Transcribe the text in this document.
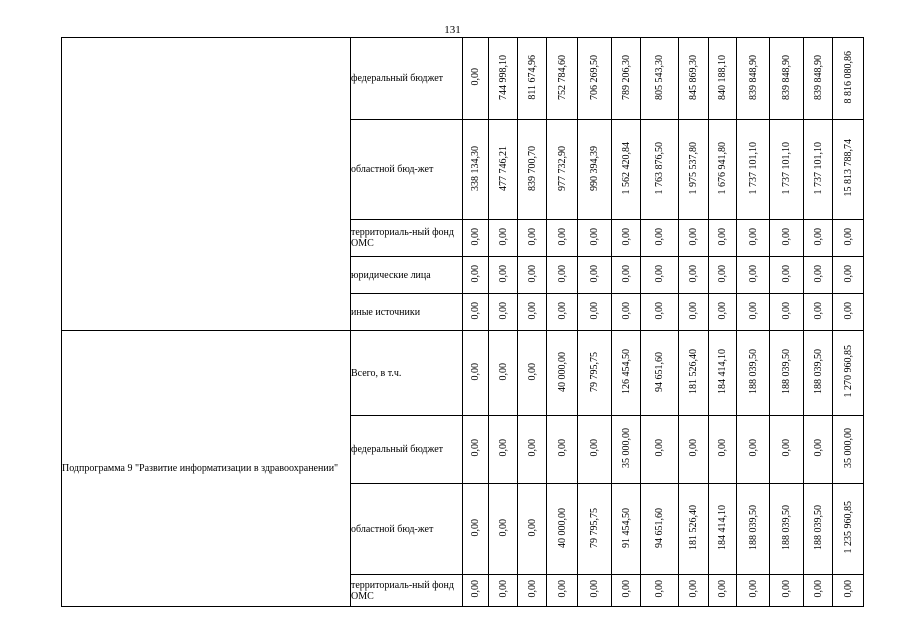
131
	федеральный бюджет	0,00	744 998,10	811 674,96	752 784,60	706 269,50	789 206,30	805 543,30	845 869,30	840 188,10	839 848,90	839 848,90	839 848,90	8 816 080,86
	областной бюд-жет	338 134,30	477 746,21	839 700,70	977 732,90	990 394,39	1 562 420,84	1 763 876,50	1 975 537,80	1 676 941,80	1 737 101,10	1 737 101,10	1 737 101,10	15 813 788,74
	территориаль-ный фонд ОМС	0,00	0,00	0,00	0,00	0,00	0,00	0,00	0,00	0,00	0,00	0,00	0,00	0,00
	юридические лица	0,00	0,00	0,00	0,00	0,00	0,00	0,00	0,00	0,00	0,00	0,00	0,00	0,00
	иные источники	0,00	0,00	0,00	0,00	0,00	0,00	0,00	0,00	0,00	0,00	0,00	0,00	0,00
Подпрограмма 9 "Развитие информатизации в здравоохранении"	Всего, в т.ч.	0,00	0,00	0,00	40 000,00	79 795,75	126 454,50	94 651,60	181 526,40	184 414,10	188 039,50	188 039,50	188 039,50	1 270 960,85
	федеральный бюджет	0,00	0,00	0,00	0,00	0,00	35 000,00	0,00	0,00	0,00	0,00	0,00	0,00	35 000,00
	областной бюд-жет	0,00	0,00	0,00	40 000,00	79 795,75	91 454,50	94 651,60	181 526,40	184 414,10	188 039,50	188 039,50	188 039,50	1 235 960,85
	территориаль-ный фонд ОМС	0,00	0,00	0,00	0,00	0,00	0,00	0,00	0,00	0,00	0,00	0,00	0,00	0,00
